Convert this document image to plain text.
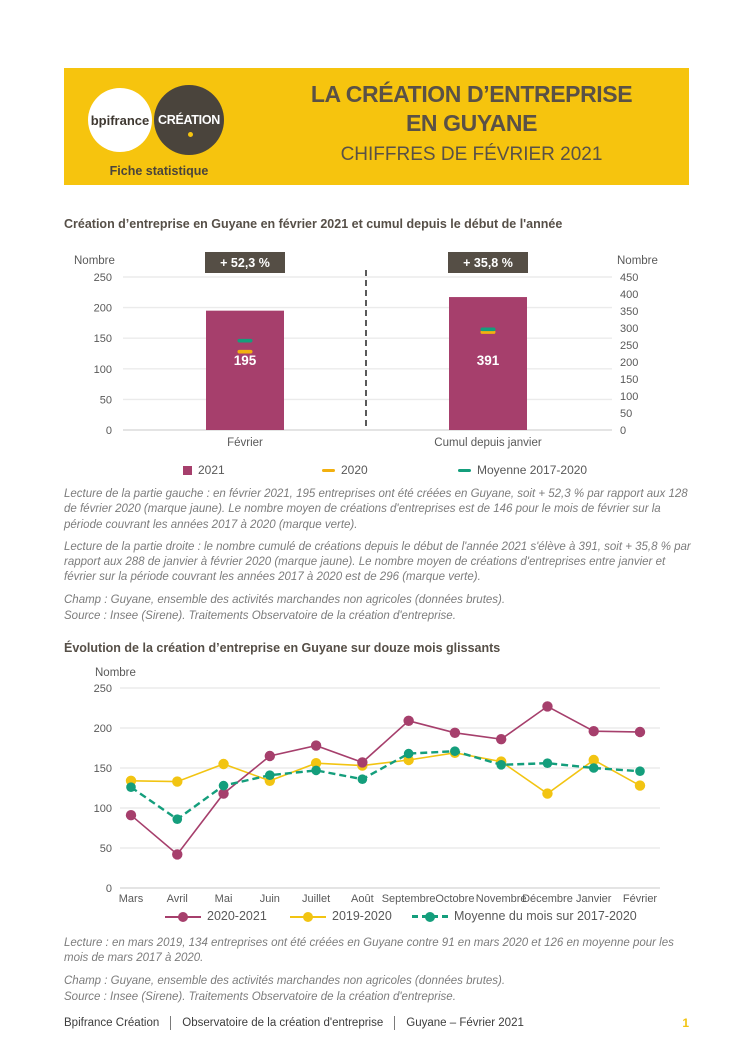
bpifrance CRÉATION
Fiche statistique
LA CRÉATION D’ENTREPRISE
EN GUYANE
CHIFFRES DE FÉVRIER 2021
Création d’entreprise en Guyane en février 2021 et cumul depuis le début de l'année
250
200
150
100
50
0
450
400
350
300
250
200
150
100
50
0
Nombre	Nombre
+ 52,3 %
195
Février
+ 35,8 %
391
Cumul depuis janvier
2021	2020	Moyenne 2017-2020

Lecture de la partie gauche : en février 2021, 195 entreprises ont été créées en Guyane, soit + 52,3 % par rapport aux 128 de février 2020 (marque jaune). Le nombre moyen de créations d'entreprises est de 146 pour le mois de février sur la période couvrant les années 2017 à 2020 (marque verte).

Lecture de la partie droite : le nombre cumulé de créations depuis le début de l'année 2021 s'élève à 391, soit + 35,8 % par rapport aux 288 de janvier à février 2020 (marque jaune). Le nombre moyen de créations d'entreprises entre janvier et février sur la période couvrant les années 2017 à 2020 est de 296 (marque verte).

Champ : Guyane, ensemble des activités marchandes non agricoles (données brutes).

Source : Insee (Sirene). Traitements Observatoire de la création d'entreprise.

Évolution de la création d’entreprise en Guyane sur douze mois glissants
250
200
150
100
50
0
Nombre
Mars Avril Mai Juin Juillet Août Septembre Octobre Novembre
Décembre Janvier Février
2020-2021	2019-2020	Moyenne du mois sur 2017-2020

Lecture : en mars 2019, 134 entreprises ont été créées en Guyane contre 91 en mars 2020 et 126 en moyenne pour les mois de mars 2017 à 2020.

Champ : Guyane, ensemble des activités marchandes non agricoles (données brutes).

Source : Insee (Sirene). Traitements Observatoire de la création d'entreprise.

Bpifrance Création Observatoire de la création d'entreprise Guyane – Février 2021	1
